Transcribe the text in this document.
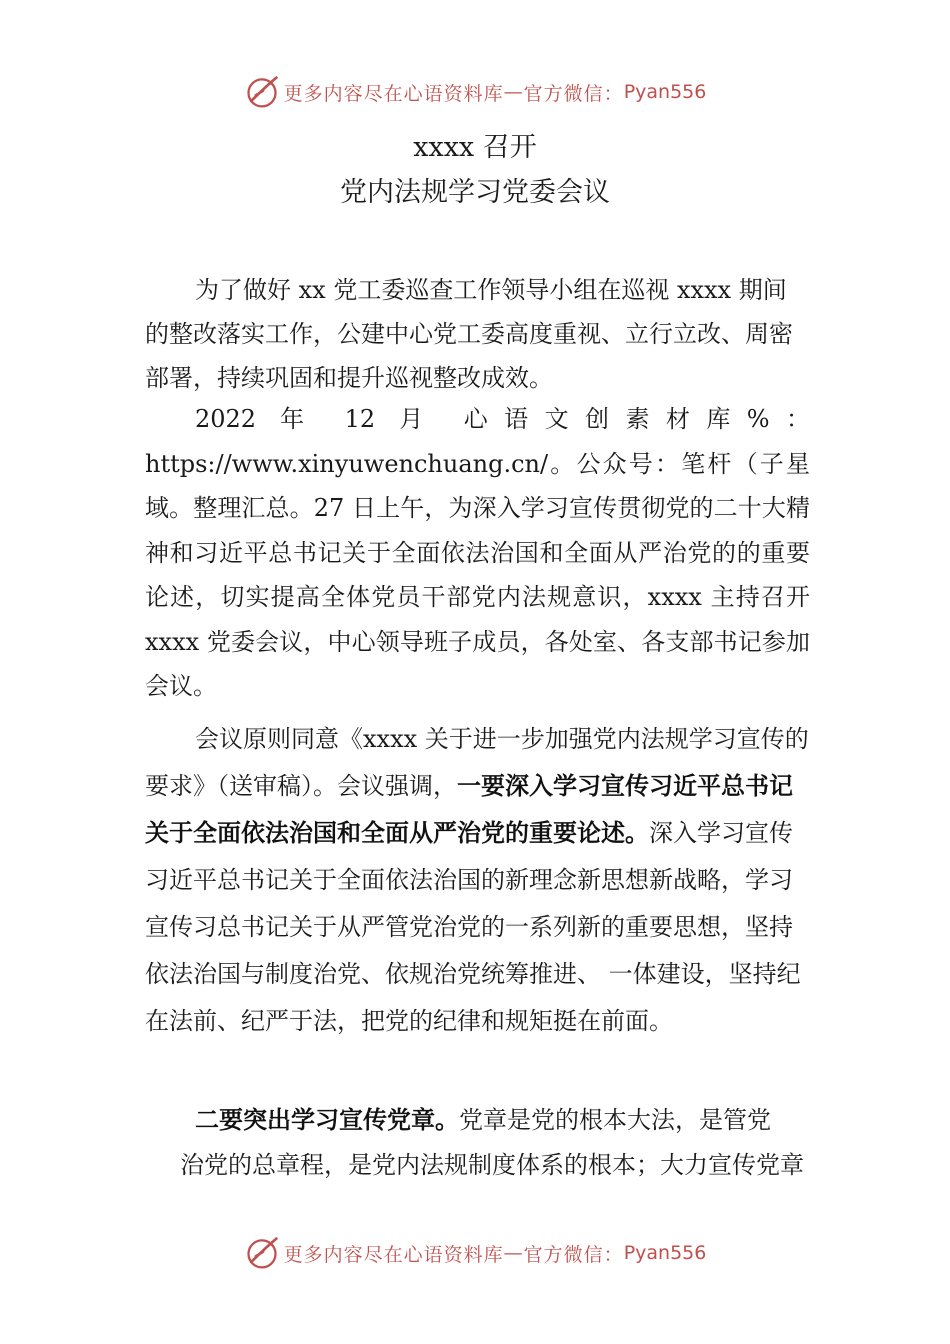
更多内容尽在心语资料库 — 官方微信： Pyan556
xxxx 召开
党内法规学习党委会议

为了做好 xx 党工委巡查工作领导小组在巡视 xxxx 期间的整改落实工作，公建中心党工委高度重视、立行立改、周密部署，持续巩固和提升巡视整改成效。

2022 年 12 月 心语文创素材库%：
https://www.xinyuwenchuang.cn/。公众号：笔杆（子星域。整理汇总。27 日上午，为深入学习宣传贯彻党的二十大精神和习近平总书记关于全面依法治国和全面从严治党的的重要论述，切实提高全体党员干部党内法规意识，xxxx 主持召开 xxxx 党委会议，中心领导班子成员，各处室、各支部书记参加会议。

会议原则同意《xxxx 关于进一步加强党内法规学习宣传的要求》（送审稿）。会议强调，一要深入学习宣传习近平总书记关于全面依法治国和全面从严治党的重要论述。深入学习宣传习近平总书记关于全面依法治国的新理念新思想新战略，学习宣传习总书记关于从严管党治党的一系列新的重要思想，坚持依法治国与制度治党、依规治党统筹推进、 一体建设，坚持纪在法前、纪严于法，把党的纪律和规矩挺在前面。

二要突出学习宣传党章。党章是党的根本大法，是管党
治党的总章程，是党内法规制度体系的根本；大力宣传党章

更多内容尽在心语资料库 — 官方微信： Pyan556
